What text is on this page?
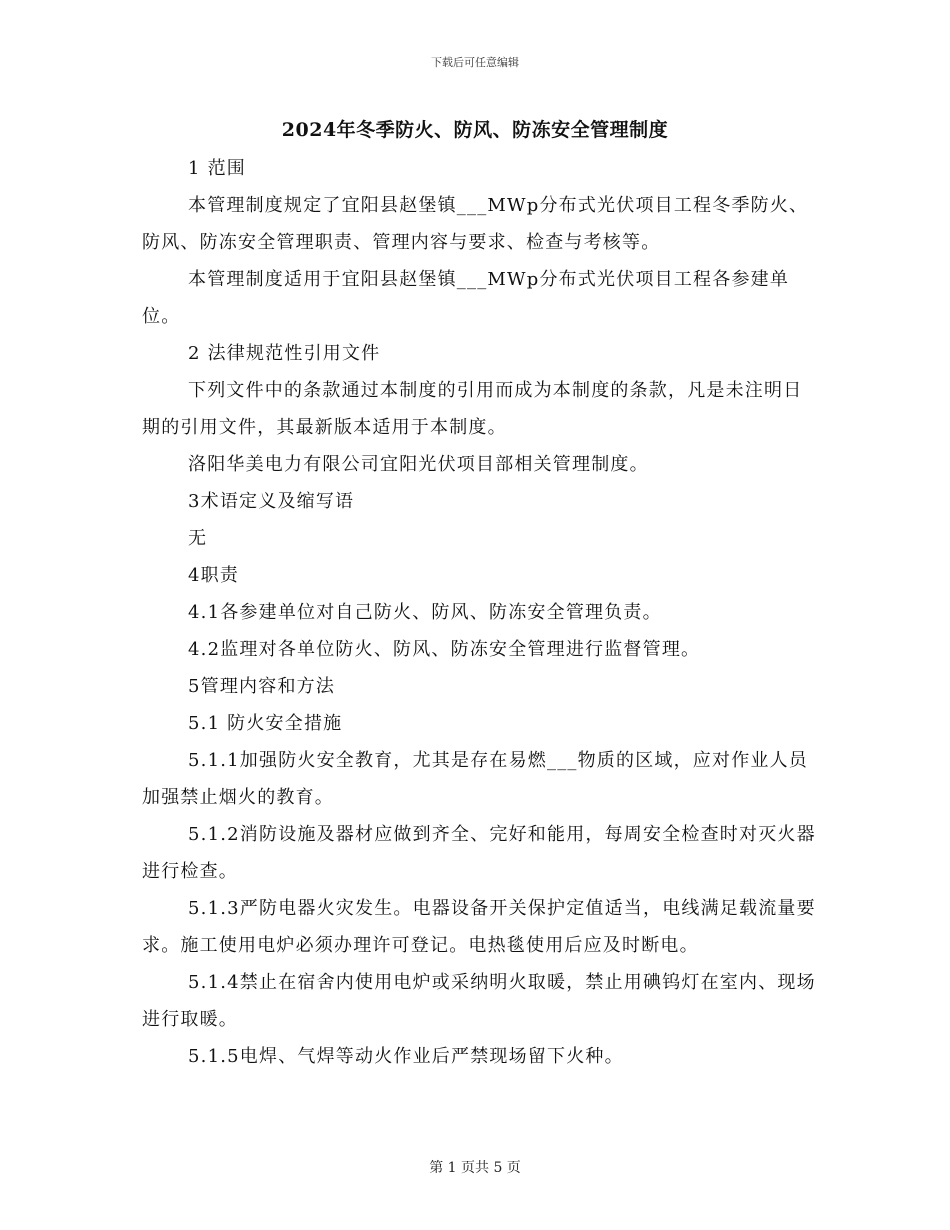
下载后可任意编辑
2024年冬季防火、防风、防冻安全管理制度

1 范围

本管理制度规定了宜阳县赵堡镇___MWp分布式光伏项目工程冬季防火、防风、防冻安全管理职责、管理内容与要求、检查与考核等。

本管理制度适用于宜阳县赵堡镇___MWp分布式光伏项目工程各参建单位。

2 法律规范性引用文件

下列文件中的条款通过本制度的引用而成为本制度的条款，凡是未注明日期的引用文件，其最新版本适用于本制度。

洛阳华美电力有限公司宜阳光伏项目部相关管理制度。

3术语定义及缩写语

无

4职责

4.1各参建单位对自己防火、防风、防冻安全管理负责。

4.2监理对各单位防火、防风、防冻安全管理进行监督管理。

5管理内容和方法

5.1 防火安全措施

5.1.1加强防火安全教育，尤其是存在易燃___物质的区域，应对作业人员加强禁止烟火的教育。

5.1.2消防设施及器材应做到齐全、完好和能用，每周安全检查时对灭火器进行检查。

5.1.3严防电器火灾发生。电器设备开关保护定值适当，电线满足载流量要求。施工使用电炉必须办理许可登记。电热毯使用后应及时断电。

5.1.4禁止在宿舍内使用电炉或采纳明火取暖，禁止用碘钨灯在室内、现场进行取暖。

5.1.5电焊、气焊等动火作业后严禁现场留下火种。

第 1 页共 5 页
